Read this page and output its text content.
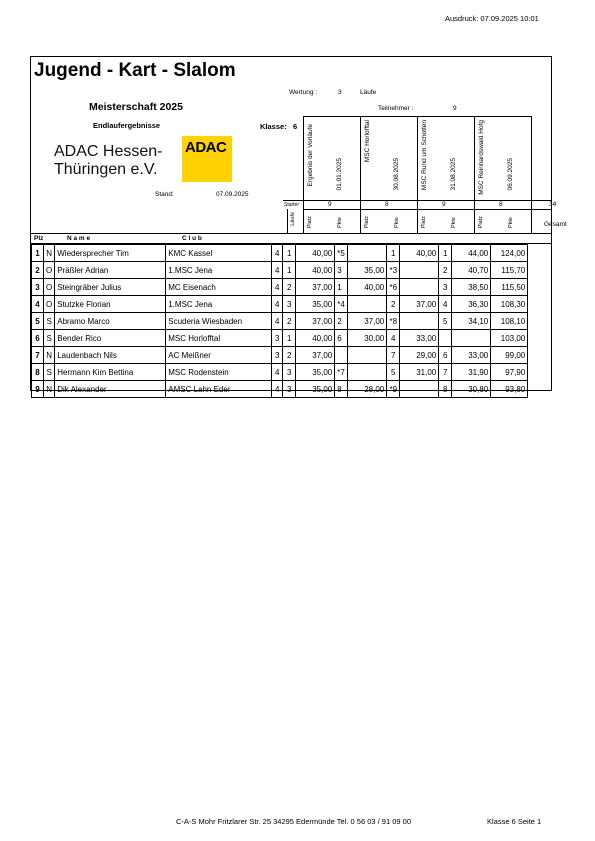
Ausdruck: 07.09.2025 10:01
Jugend - Kart - Slalom
Wertung :	3	Läufe
Meisterschaft 2025	Teilnehmer :	9
Endlaufergebnisse	Klasse: 6
ADAC Hessen-
Thüringen e.V.
ADAC
Stand:	07.09.2025
Ergebnis der Vorläufe	01.01.2025
MSC Horlofftal
30.08.2025	MSC Rund um Schotten	31.08.2025	MSC Reinhardswald Hofg	06.09.2025
Starter	9	8	9	8	34
Läufe Platz	Pkte	Platz	Pkte	Platz	Pkte	Platz	Pkte	Gesamt
Plz	N a m e	C l u b
1	N	Wiedersprecher Tim	KMC Kassel	4	1	40,00	*5		1	40,00	1	44,00	124,00
2	O	Präßler Adrian	1.MSC Jena	4	1	40,00	3	35,00	*3		2	40,70	115,70
3	O	Steingräber Julius	MC Eisenach	4	2	37,00	1	40,00	*6		3	38,50	115,50
4	O	Stutzke Florian	1.MSC Jena	4	3	35,00	*4		2	37,00	4	36,30	108,30
5	S	Abramo Marco	Scuderia Wiesbaden	4	2	37,00	2	37,00	*8		5	34,10	108,10
6	S	Bender Rico	MSC Horlofftal	3	1	40,00	6	30,00	4	33,00			103,00
7	N	Laudenbach Nils	AC Meißner	3	2	37,00			7	29,00	6	33,00	99,00
8	S	Hermann Kim Bettina	MSC Rodenstein	4	3	35,00	*7		5	31,00	7	31,90	97,90
9	N	Dik Alexander	AMSC Lahn Eder	4	3	35,00	8	28,00	*9		8	30,80	93,80
C-A-S Mohr Fritzlarer Str. 25 34295 Edermünde Tel. 0 56 03 / 91 09 00	Klasse 6 Seite 1
